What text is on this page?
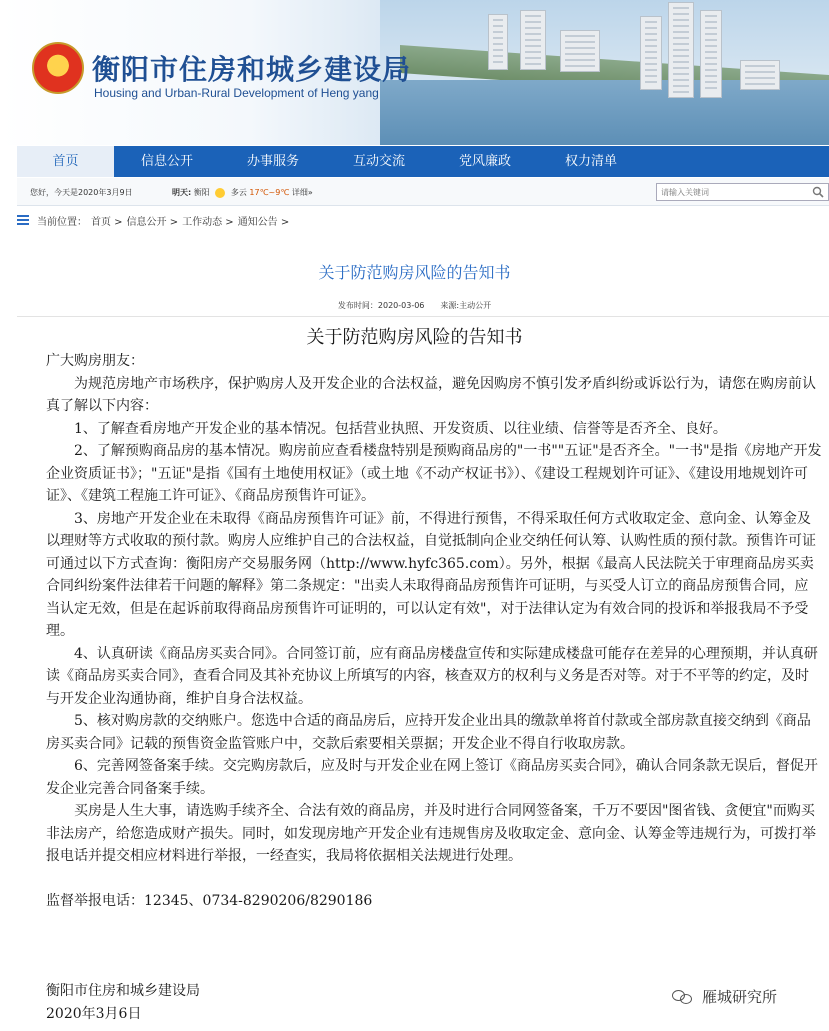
★ 衡阳市住房和城乡建设局
Housing and Urban-Rural Development of Heng yang
首页	信息公开	办事服务	互动交流	党风廉政	权力清单
您好，今天是2020年3月9日	明天: 衡阳	多云 17℃~9℃ 详细»
请输入关键词
当前位置： 首页 > 信息公开 > 工作动态 > 通知公告 >
关于防范购房风险的告知书
发布时间：2020-03-06　　来源:主动公开
关于防范购房风险的告知书

广大购房朋友：

为规范房地产市场秩序，保护购房人及开发企业的合法权益，避免因购房不慎引发矛盾纠纷或诉讼行为，请您在购房前认真了解以下内容：

1、了解查看房地产开发企业的基本情况。包括营业执照、开发资质、以往业绩、信誉等是否齐全、良好。

2、了解预购商品房的基本情况。购房前应查看楼盘特别是预购商品房的"一书""五证"是否齐全。"一书"是指《房地产开发企业资质证书》；"五证"是指《国有土地使用权证》（或土地《不动产权证书》）、《建设工程规划许可证》、《建设用地规划许可证》、《建筑工程施工许可证》、《商品房预售许可证》。

3、房地产开发企业在未取得《商品房预售许可证》前，不得进行预售，不得采取任何方式收取定金、意向金、认筹金及以理财等方式收取的预付款。购房人应维护自己的合法权益，自觉抵制向企业交纳任何认筹、认购性质的预付款。预售许可证可通过以下方式查询：衡阳房产交易服务网（http://www.hyfc365.com）。另外，根据《最高人民法院关于审理商品房买卖合同纠纷案件法律若干问题的解释》第二条规定："出卖人未取得商品房预售许可证明，与买受人订立的商品房预售合同，应当认定无效，但是在起诉前取得商品房预售许可证明的，可以认定有效"，对于法律认定为有效合同的投诉和举报我局不予受理。

4、认真研读《商品房买卖合同》。合同签订前，应有商品房楼盘宣传和实际建成楼盘可能存在差异的心理预期，并认真研读《商品房买卖合同》，查看合同及其补充协议上所填写的内容，核查双方的权利与义务是否对等。对于不平等的约定，及时与开发企业沟通协商，维护自身合法权益。

5、核对购房款的交纳账户。您选中合适的商品房后，应持开发企业出具的缴款单将首付款或全部房款直接交纳到《商品房买卖合同》记载的预售资金监管账户中，交款后索要相关票据；开发企业不得自行收取房款。

6、完善网签备案手续。交完购房款后，应及时与开发企业在网上签订《商品房买卖合同》，确认合同条款无误后，督促开发企业完善合同备案手续。

买房是人生大事，请选购手续齐全、合法有效的商品房，并及时进行合同网签备案，千万不要因"图省钱、贪便宜"而购买非法房产，给您造成财产损失。同时，如发现房地产开发企业有违规售房及收取定金、意向金、认筹金等违规行为，可拨打举报电话并提交相应材料进行举报，一经查实，我局将依据相关法规进行处理。

监督举报电话：12345、0734-8290206/8290186
衡阳市住房和城乡建设局
2020年3月6日
雁城研究所
